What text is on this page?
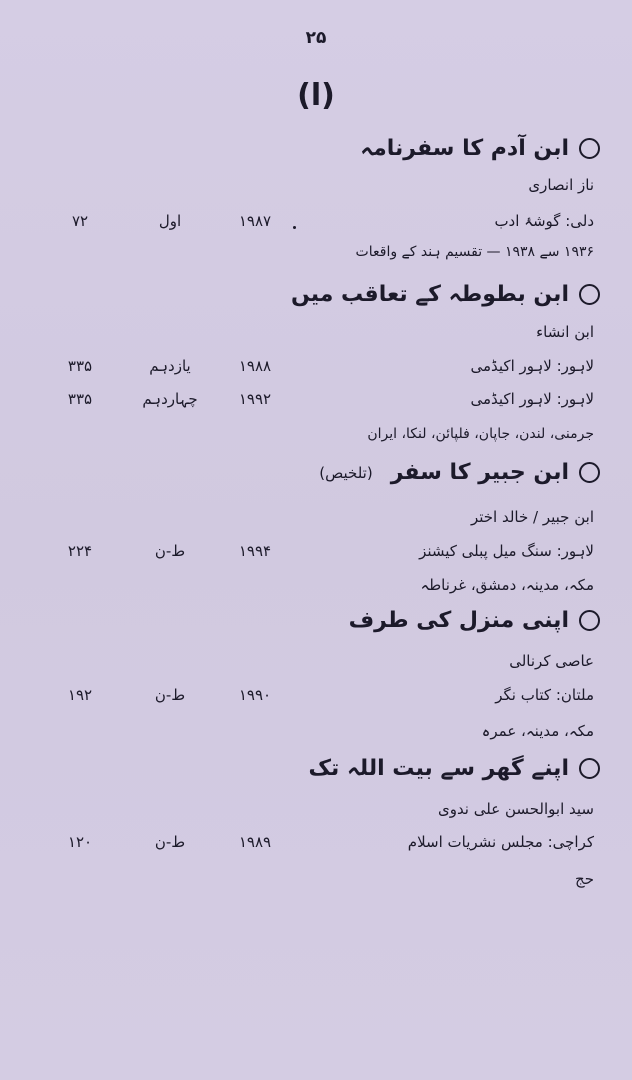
۲۵
(ا)
ابن آدم کا سفرنامہ
ناز انصاری
دلی: گوشۂ ادب
۱۹۸۷
اول
۷۲
۱۹۳۶ سے ۱۹۳۸ — تقسیم ہند کے واقعات
ابن بطوطہ کے تعاقب میں
ابن انشاء
لاہور: لاہور اکیڈمی
۱۹۸۸
یازدہم
۳۳۵
لاہور: لاہور اکیڈمی
۱۹۹۲
چہاردہم
۳۳۵
جرمنی، لندن، جاپان، فلپائن، لنکا، ایران
ابن جبیر کا سفر
(تلخیص)
ابن جبیر / خالد اختر
لاہور: سنگ میل پبلی کیشنز
۱۹۹۴
ط-ن
۲۲۴
مکہ، مدینہ، دمشق، غرناطہ
اپنی منزل کی طرف
عاصی کرنالی
ملتان: کتاب نگر
۱۹۹۰
ط-ن
۱۹۲
مکہ، مدینہ، عمرہ
اپنے گھر سے بیت اللہ تک
سید ابوالحسن علی ندوی
کراچی: مجلس نشریات اسلام
۱۹۸۹
ط-ن
۱۲۰
حج
